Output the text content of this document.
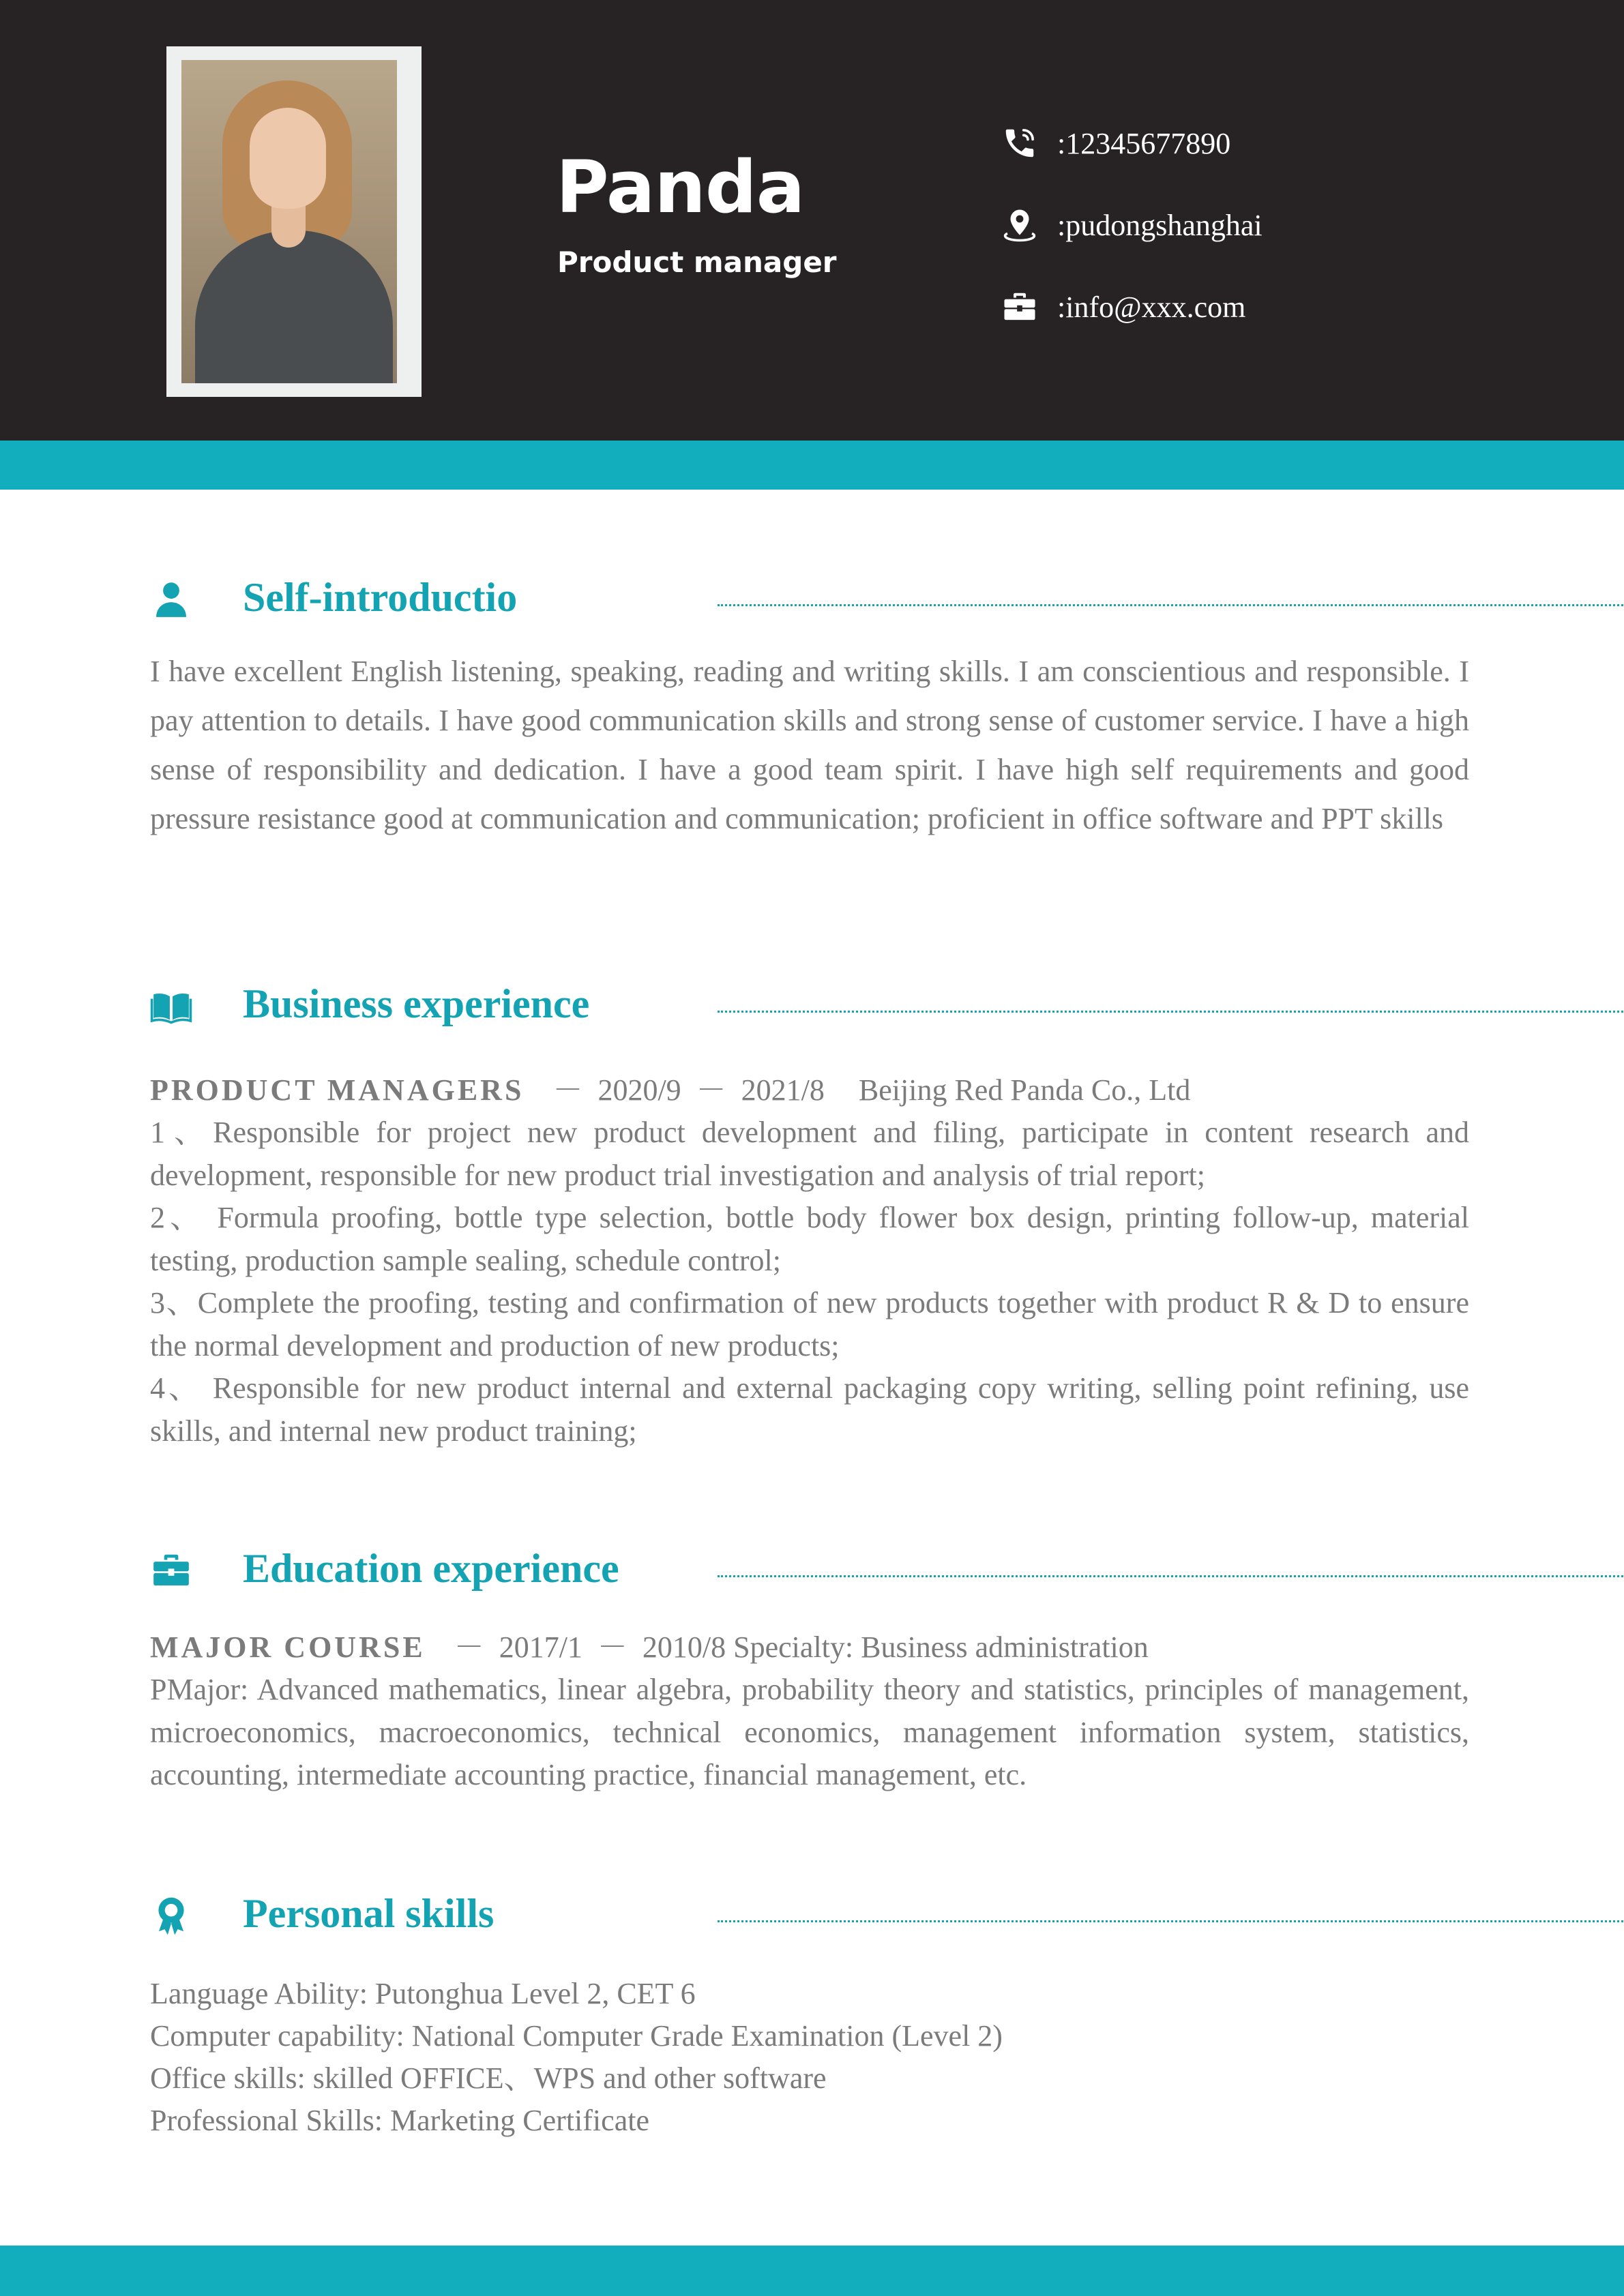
Panda
Product manager
:12345677890
:pudongshanghai
:info@xxx.com
Self-introductio

I have excellent English listening, speaking, reading and writing skills. I am conscientious and responsible. I pay attention to details. I have good communication skills and strong sense of customer service. I have a high sense of responsibility and dedication. I have a good team spirit. I have high self requirements and good pressure resistance good at communication and communication; proficient in office software and PPT skills

Business experience

PRODUCT MANAGERS － 2020/9 － 2021/8 Beijing Red Panda Co., Ltd

1、Responsible for project new product development and filing, participate in content research and development, responsible for new product trial investigation and analysis of trial report;
2、 Formula proofing, bottle type selection, bottle body flower box design, printing follow-up, material testing, production sample sealing, schedule control;
3、Complete the proofing, testing and confirmation of new products together with product R & D to ensure the normal development and production of new products;
4、 Responsible for new product internal and external packaging copy writing, selling point refining, use skills, and internal new product training;
Education experience

MAJOR COURSE － 2017/1 － 2010/8 Specialty: Business administration

PMajor: Advanced mathematics, linear algebra, probability theory and statistics, principles of management, microeconomics, macroeconomics, technical economics, management information system, statistics, accounting, intermediate accounting practice, financial management, etc.

Personal skills

Language Ability: Putonghua Level 2, CET 6

Computer capability: National Computer Grade Examination (Level 2)

Office skills: skilled OFFICE、WPS and other software

Professional Skills: Marketing Certificate
